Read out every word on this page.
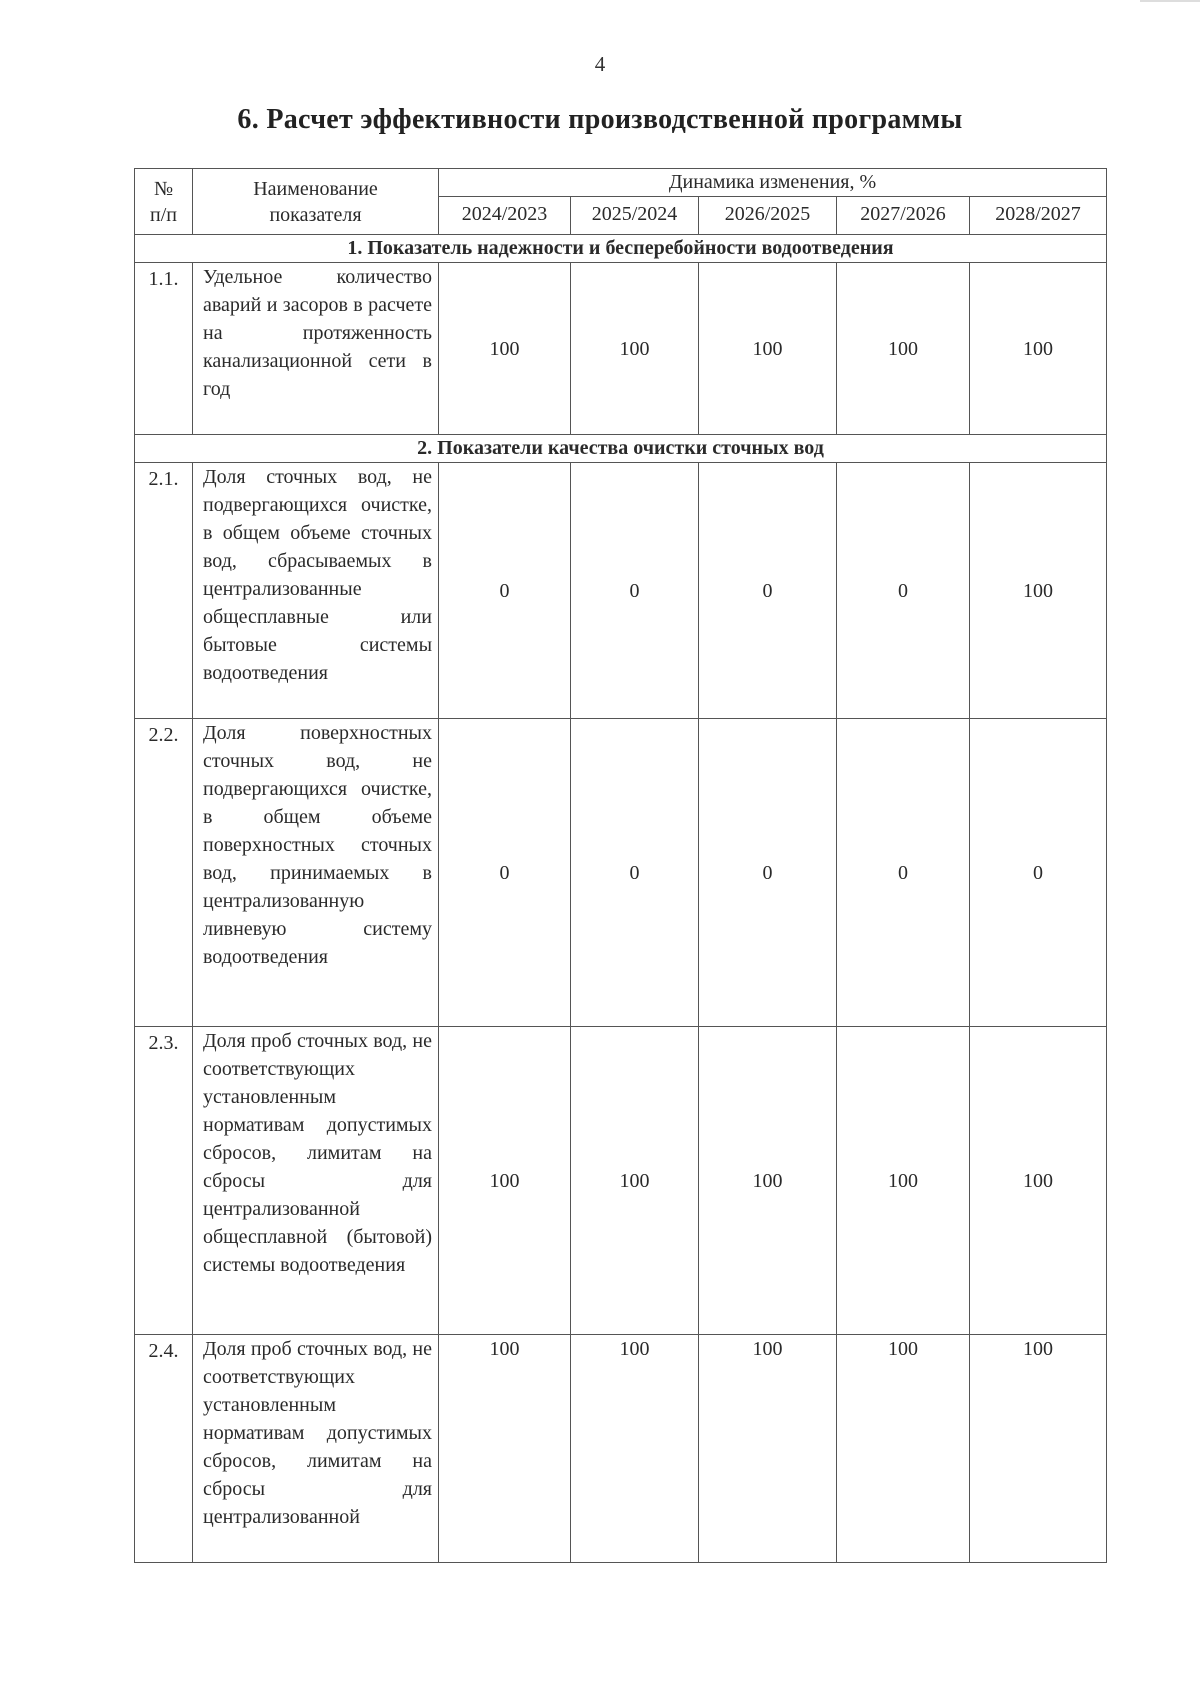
4
6. Расчет эффективности производственной программы
№ п/п	Наименование показателя	Динамика изменения, %				
		2024/2023	2025/2024	2026/2025	2027/2026	2028/2027
1. Показатель надежности и бесперебойности водоотведения						
1.1.	Удельное количество аварий и засоров в расчете на протяженность канализационной сети в год	100	100	100	100	100
2. Показатели качества очистки сточных вод						
2.1.	Доля сточных вод, не подвергающихся очистке, в общем объеме сточных вод, сбрасываемых в централизованные общесплавные или бытовые системы водоотведения	0	0	0	0	100
2.2.	Доля поверхностных сточных вод, не подвергающихся очистке, в общем объеме поверхностных сточных вод, принимаемых в централизованную ливневую систему водоотведения	0	0	0	0	0
2.3.	Доля проб сточных вод, не соответствующих установленным нормативам допустимых сбросов, лимитам на сбросы для централизованной общесплавной (бытовой) системы водоотведения	100	100	100	100	100
2.4.	Доля проб сточных вод, не соответствующих установленным нормативам допустимых сбросов, лимитам на сбросы для централизованной	100	100	100	100	100
